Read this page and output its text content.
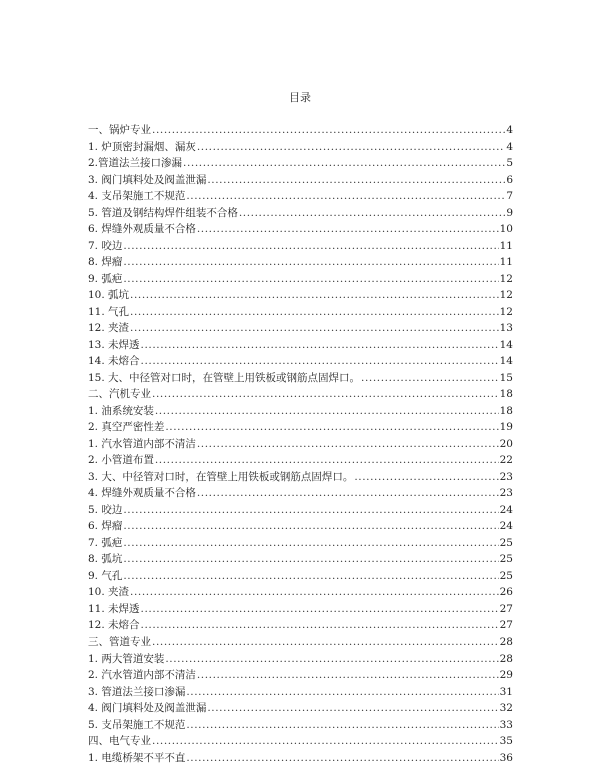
目录
一、锅炉专业 .....	4
1. 炉顶密封漏烟、漏灰 .....	4
2.管道法兰接口渗漏 .....	5
3. 阀门填料处及阀盖泄漏 .....	6
4. 支吊架施工不规范 .....	7
5. 管道及钢结构焊件组装不合格 .....	9
6. 焊缝外观质量不合格 .....	10
7. 咬边 .....	11
8. 焊瘤 .....	11
9. 弧疤 .....	12
10. 弧坑 .....	12
11. 气孔 .....	12
12. 夹渣 .....	13
13. 未焊透 .....	14
14. 未熔合 .....	14
15. 大、中径管对口时，在管壁上用铁板或钢筋点固焊口。 .....	15
二、汽机专业 .....	18
1. 油系统安装 .....	18
2. 真空严密性差 .....	19
1. 汽水管道内部不清洁 .....	20
2. 小管道布置 .....	22
3. 大、中径管对口时，在管壁上用铁板或钢筋点固焊口。 .....	23
4. 焊缝外观质量不合格 .....	23
5. 咬边 .....	24
6. 焊瘤 .....	24
7. 弧疤 .....	25
8. 弧坑 .....	25
9. 气孔 .....	25
10. 夹渣 .....	26
11. 未焊透 .....	27
12. 未熔合 .....	27
三、管道专业 .....	28
1. 两大管道安装 .....	28
2. 汽水管道内部不清洁 .....	29
3. 管道法兰接口渗漏 .....	31
4. 阀门填料处及阀盖泄漏 .....	32
5. 支吊架施工不规范 .....	33
四、电气专业 .....	35
1. 电缆桥架不平不直 .....	36
